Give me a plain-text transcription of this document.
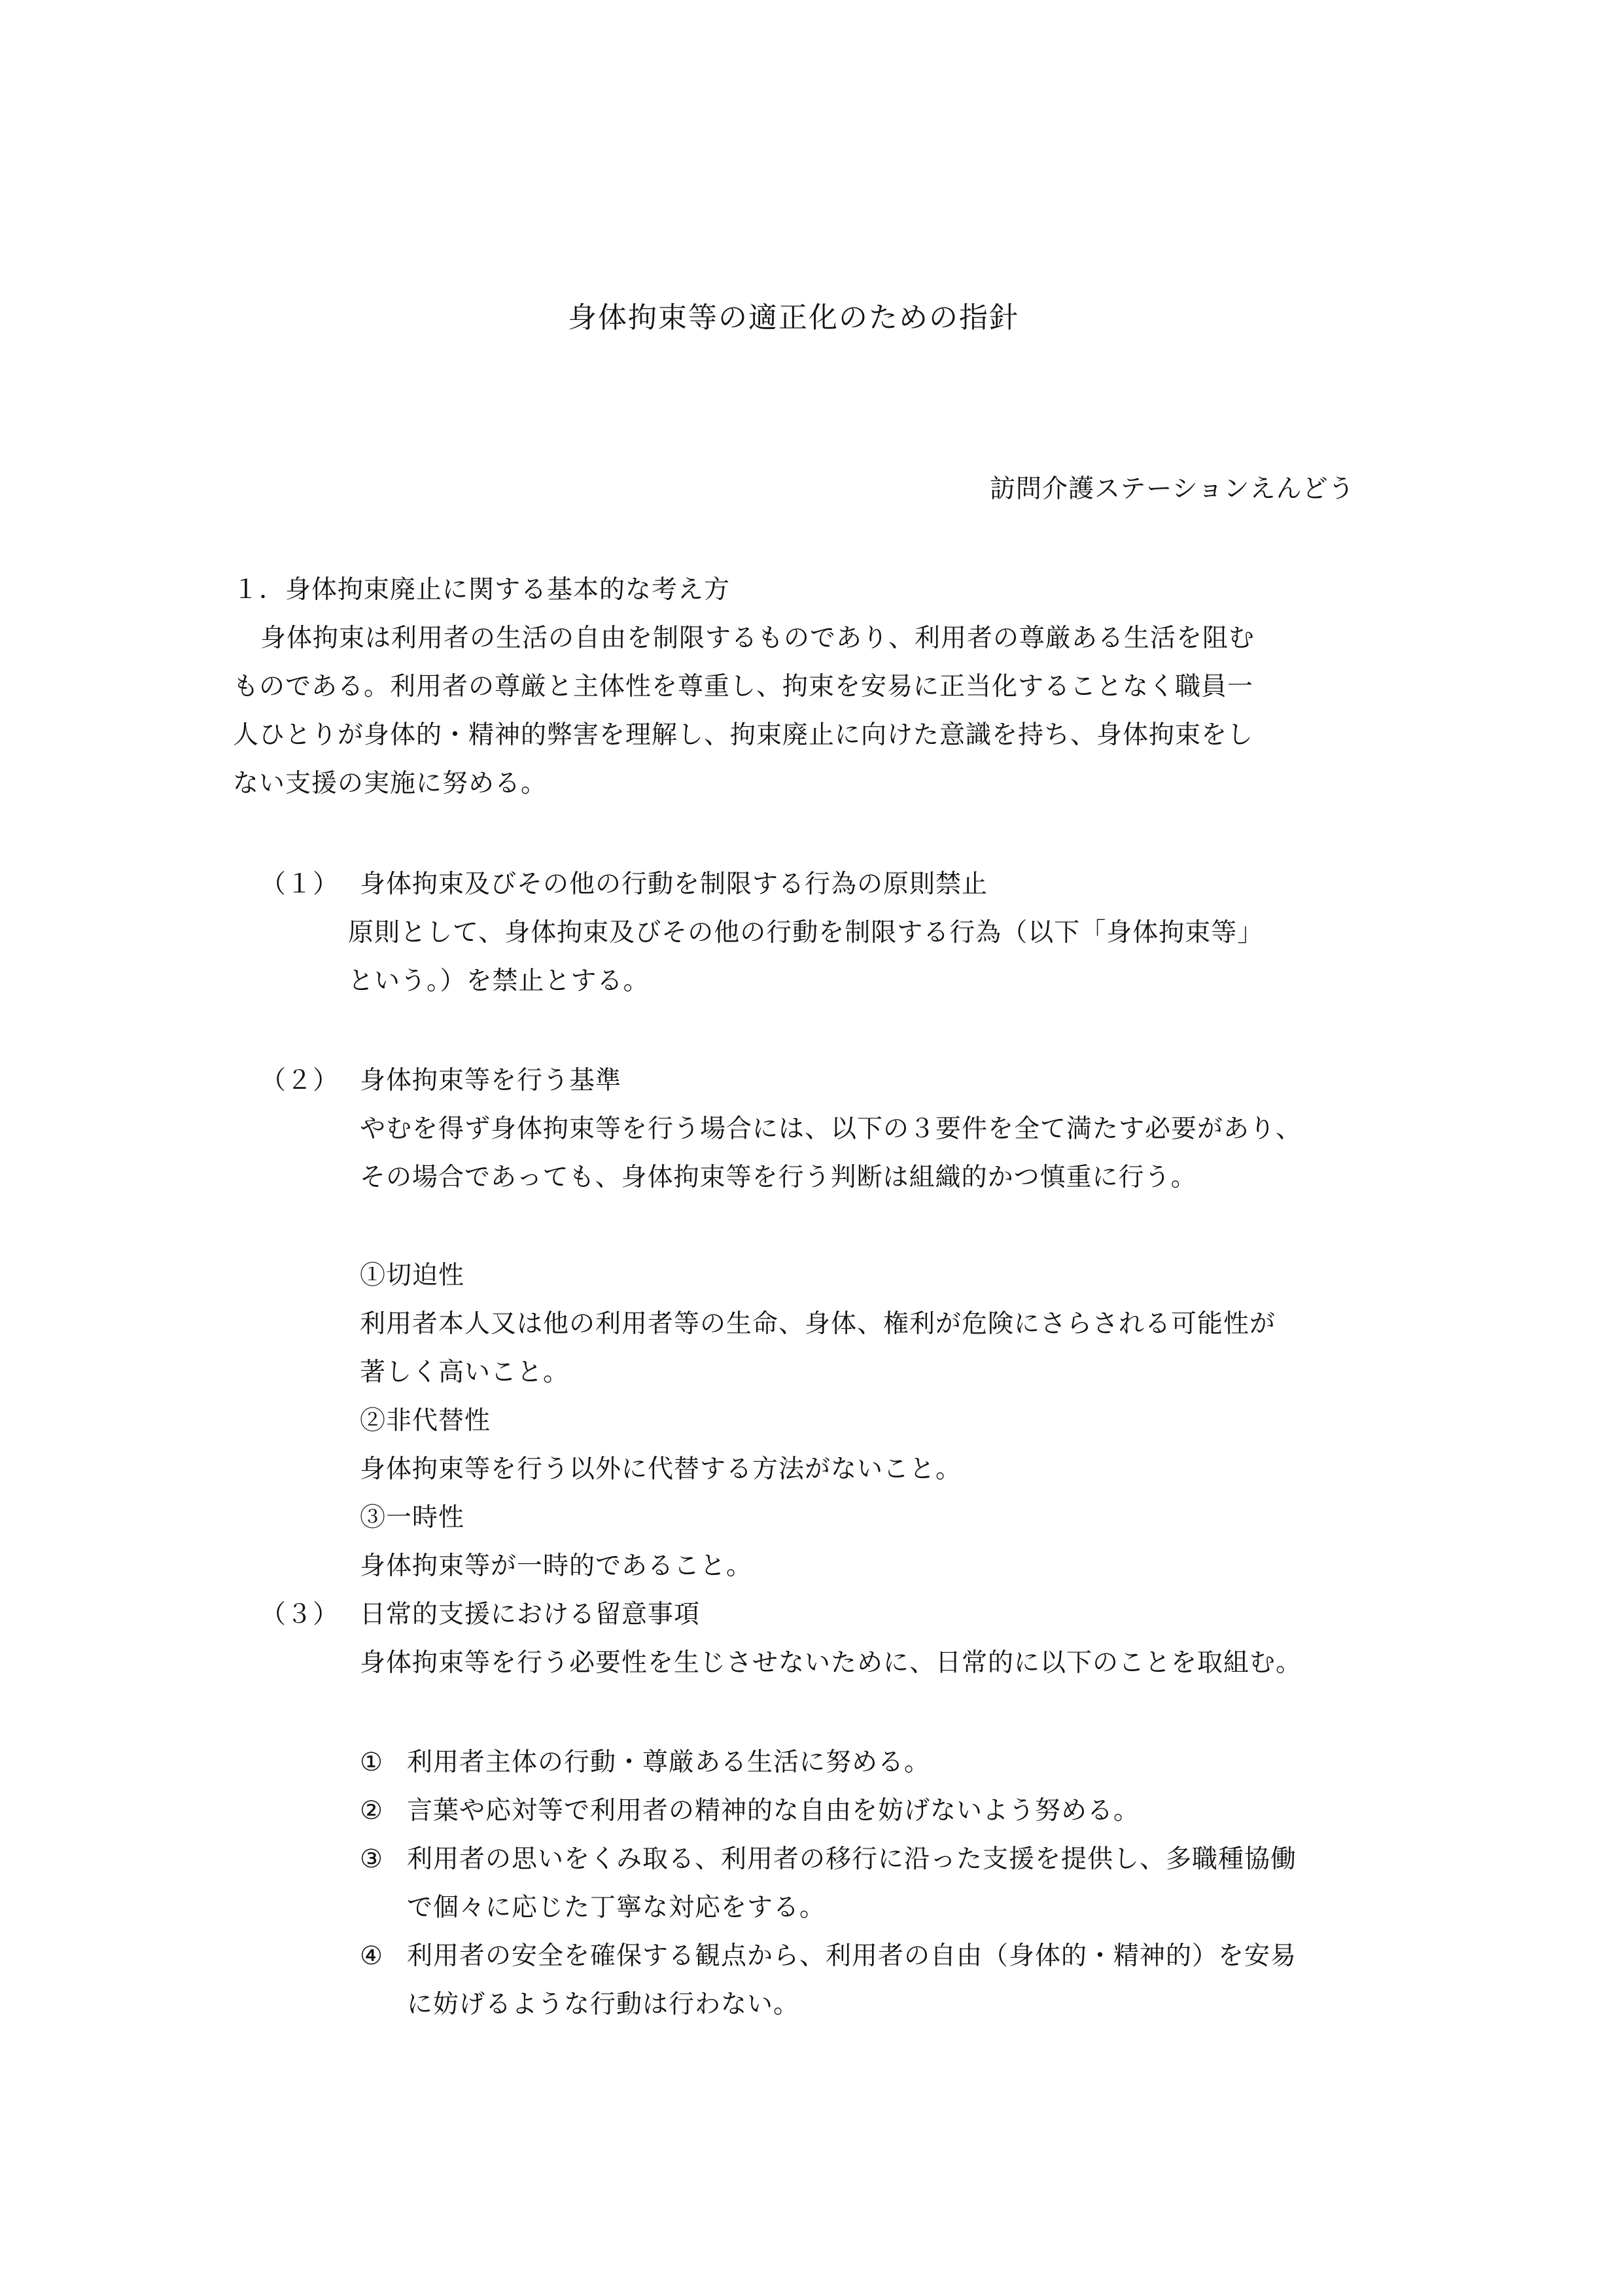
身体拘束等の適正化のための指針
訪問介護ステーションえんどう
１．身体拘束廃止に関する基本的な考え方
身体拘束は利用者の生活の自由を制限するものであり、利用者の尊厳ある生活を阻む
ものである。利用者の尊厳と主体性を尊重し、拘束を安易に正当化することなく職員一
人ひとりが身体的・精神的弊害を理解し、拘束廃止に向けた意識を持ち、身体拘束をし
ない支援の実施に努める。
（１） 身体拘束及びその他の行動を制限する行為の原則禁止
原則として、身体拘束及びその他の行動を制限する行為（以下「身体拘束等」
という。）を禁止とする。
（２） 身体拘束等を行う基準
やむを得ず身体拘束等を行う場合には、以下の３要件を全て満たす必要があり、
その場合であっても、身体拘束等を行う判断は組織的かつ慎重に行う。
①切迫性
利用者本人又は他の利用者等の生命、身体、権利が危険にさらされる可能性が
著しく高いこと。
②非代替性
身体拘束等を行う以外に代替する方法がないこと。
③一時性
身体拘束等が一時的であること。
（３） 日常的支援における留意事項
身体拘束等を行う必要性を生じさせないために、日常的に以下のことを取組む。
① 利用者主体の行動・尊厳ある生活に努める。
② 言葉や応対等で利用者の精神的な自由を妨げないよう努める。
③ 利用者の思いをくみ取る、利用者の移行に沿った支援を提供し、多職種協働
で個々に応じた丁寧な対応をする。
④ 利用者の安全を確保する観点から、利用者の自由（身体的・精神的）を安易
に妨げるような行動は行わない。
